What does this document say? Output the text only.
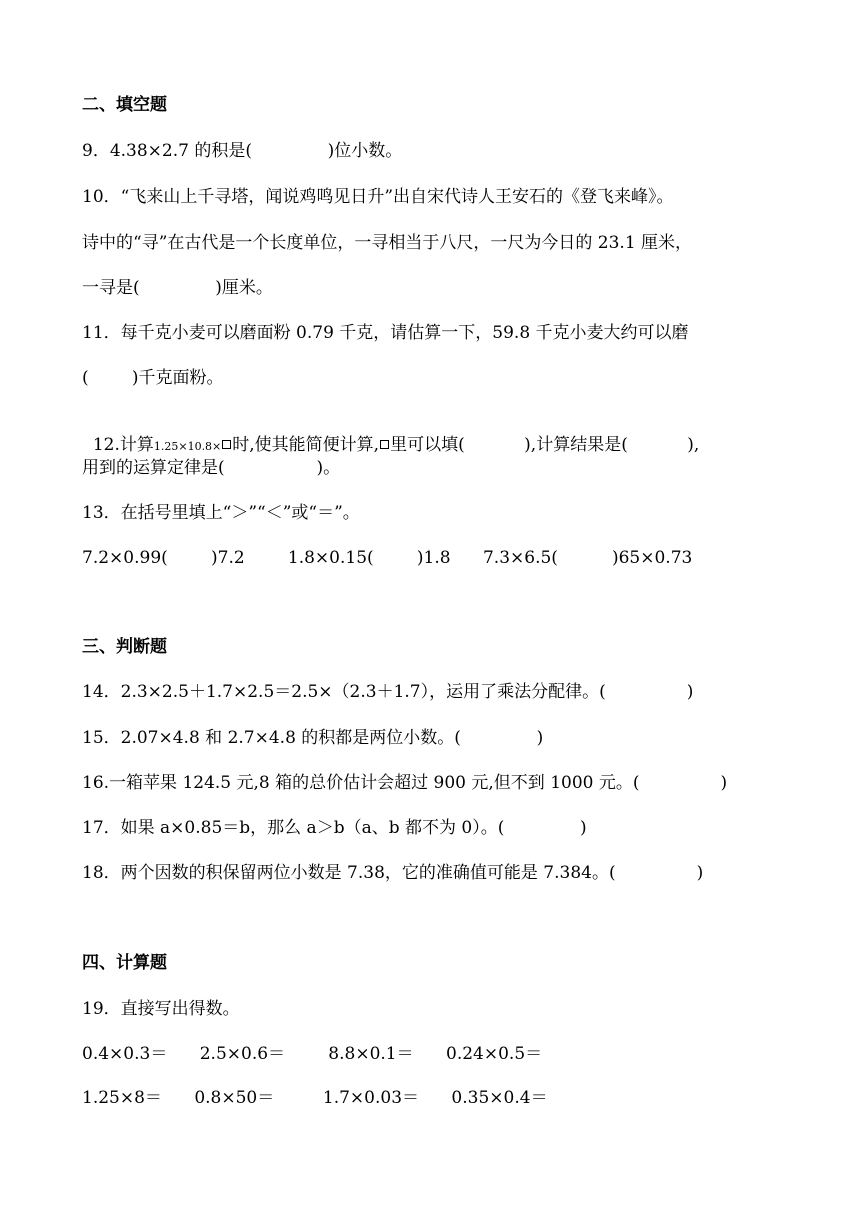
二、填空题
9．4.38×2.7 的积是(              )位小数。
10．“飞来山上千寻塔，闻说鸡鸣见日升”出自宋代诗人王安石的《登飞来峰》。
诗中的“寻”在古代是一个长度单位，一寻相当于八尺，一尺为今日的 23.1 厘米，
一寻是(              )厘米。
11．每千克小麦可以磨面粉 0.79 千克，请估算一下，59.8 千克小麦大约可以磨
(        )千克面粉。

12.计算1.25×10.8× 时,使其能简便计算, 里可以填(           ),计算结果是(           ),

用到的运算定律是(                 )。
13．在括号里填上“＞”“＜”或“＝”。
7.2×0.99(        )7.2        1.8×0.15(        )1.8      7.3×6.5(          )65×0.73
三、判断题
14．2.3×2.5＋1.7×2.5＝2.5×（2.3＋1.7），运用了乘法分配律。(               )
15．2.07×4.8 和 2.7×4.8 的积都是两位小数。(              )
16.一箱苹果 124.5 元,8 箱的总价估计会超过 900 元,但不到 1000 元。(               )
17．如果 a×0.85＝b，那么 a＞b（a、b 都不为 0）。(              )
18．两个因数的积保留两位小数是 7.38，它的准确值可能是 7.384。(               )
四、计算题
19．直接写出得数。
0.4×0.3＝      2.5×0.6＝        8.8×0.1＝      0.24×0.5＝
1.25×8＝      0.8×50＝         1.7×0.03＝      0.35×0.4＝
